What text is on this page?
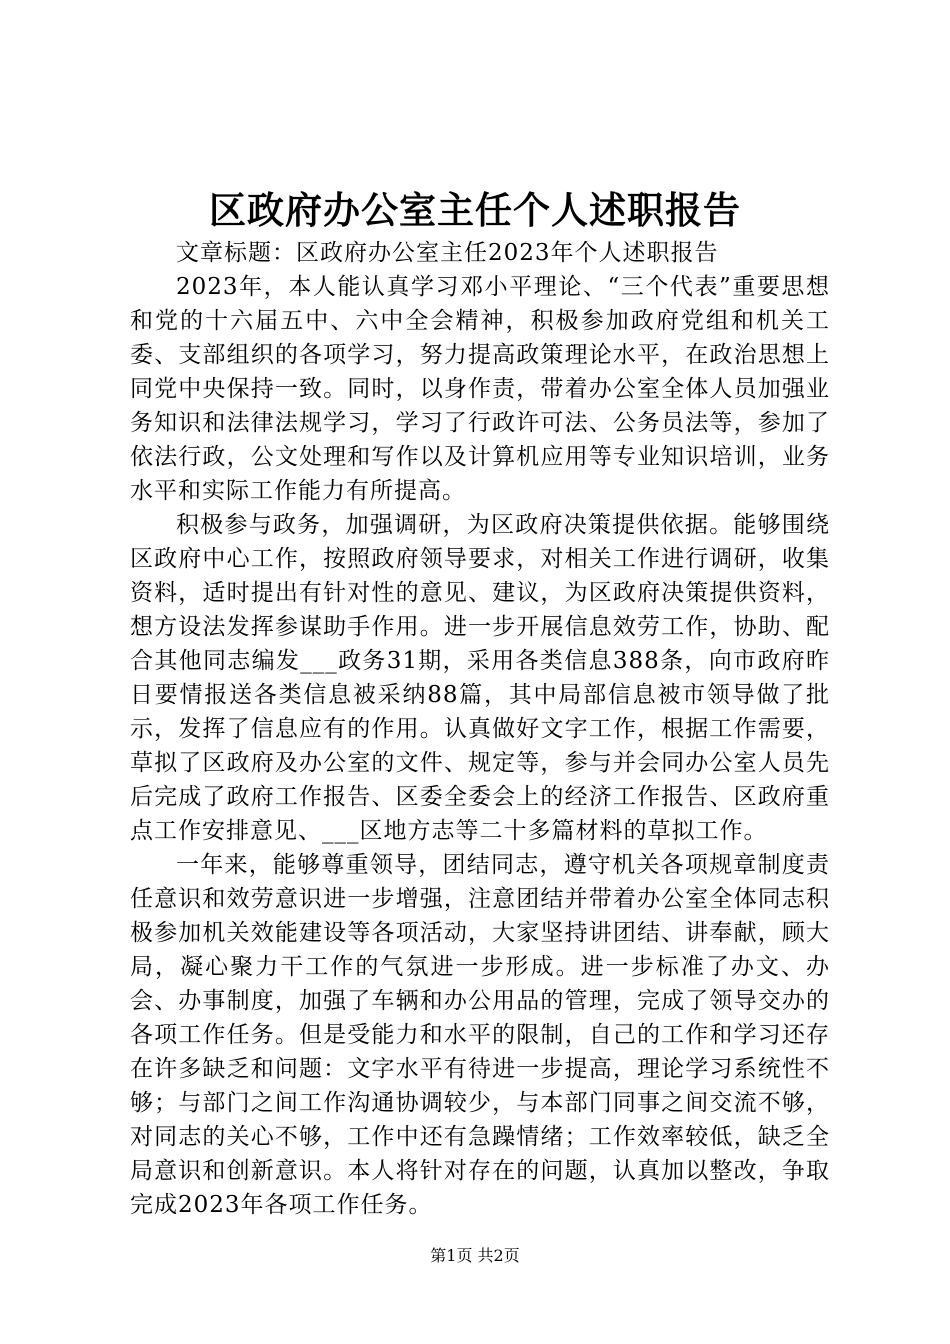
区政府办公室主任个人述职报告

文章标题：区政府办公室主任2023年个人述职报告

2023年，本人能认真学习邓小平理论、“三个代表”重要思想和党的十六届五中、六中全会精神，积极参加政府党组和机关工委、支部组织的各项学习，努力提高政策理论水平，在政治思想上同党中央保持一致。同时，以身作责，带着办公室全体人员加强业务知识和法律法规学习，学习了行政许可法、公务员法等，参加了依法行政，公文处理和写作以及计算机应用等专业知识培训，业务水平和实际工作能力有所提高。

积极参与政务，加强调研，为区政府决策提供依据。能够围绕区政府中心工作，按照政府领导要求，对相关工作进行调研，收集资料，适时提出有针对性的意见、建议，为区政府决策提供资料，想方设法发挥参谋助手作用。进一步开展信息效劳工作，协助、配合其他同志编发___政务31期，采用各类信息388条，向市政府昨日要情报送各类信息被采纳88篇，其中局部信息被市领导做了批示，发挥了信息应有的作用。认真做好文字工作，根据工作需要，草拟了区政府及办公室的文件、规定等，参与并会同办公室人员先后完成了政府工作报告、区委全委会上的经济工作报告、区政府重点工作安排意见、___区地方志等二十多篇材料的草拟工作。

一年来，能够尊重领导，团结同志，遵守机关各项规章制度责任意识和效劳意识进一步增强，注意团结并带着办公室全体同志积极参加机关效能建设等各项活动，大家坚持讲团结、讲奉献，顾大局，凝心聚力干工作的气氛进一步形成。进一步标准了办文、办会、办事制度，加强了车辆和办公用品的管理，完成了领导交办的各项工作任务。但是受能力和水平的限制，自己的工作和学习还存在许多缺乏和问题：文字水平有待进一步提高，理论学习系统性不够；与部门之间工作沟通协调较少，与本部门同事之间交流不够，对同志的关心不够，工作中还有急躁情绪；工作效率较低，缺乏全局意识和创新意识。本人将针对存在的问题，认真加以整改，争取完成2023年各项工作任务。

第1页 共2页
